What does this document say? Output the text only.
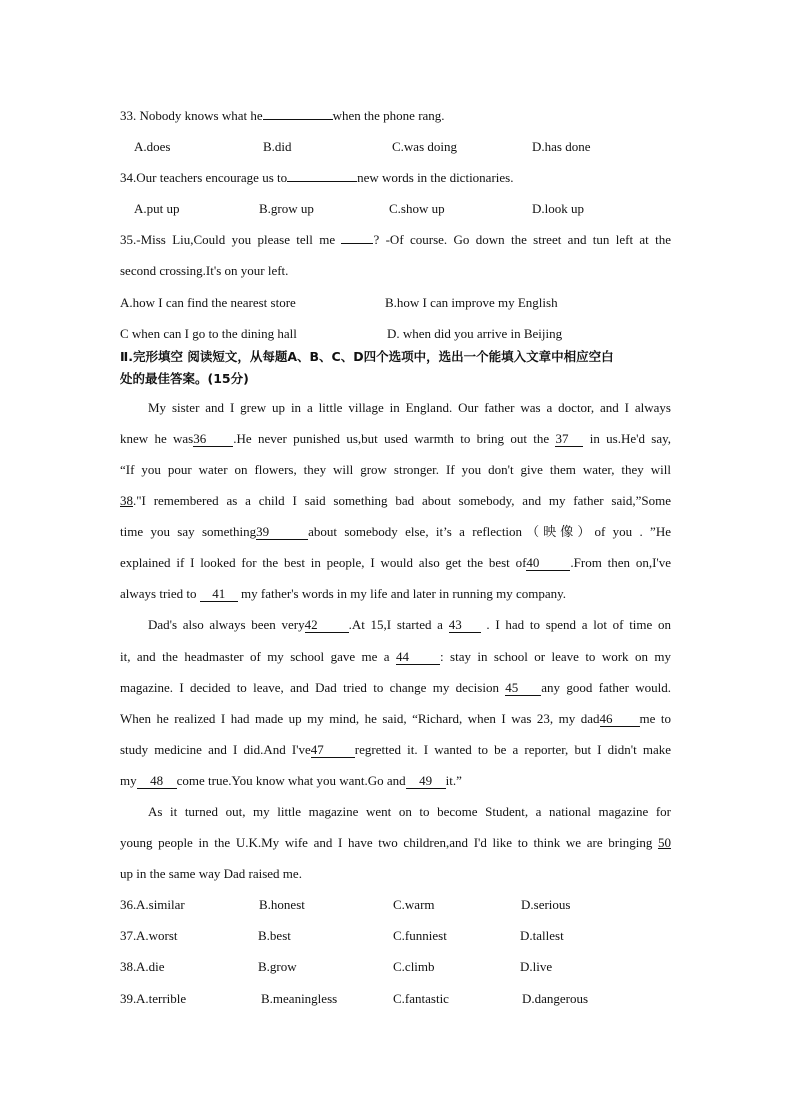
33. Nobody knows what he	when the phone rang.
A.does	B.did	C.was doing	D.has done
34.Our teachers encourage us to	new words in the dictionaries.
A.put up	B.grow up	C.show up	D.look up
35.-Miss Liu,Could you please tell me	? -Of course. Go down the street and tun left at the
second crossing.It's on your left.
A.how I can find the nearest store	B.how I can improve my English
C when can I go to the dining hall	D. when did you arrive in Beijing
Ⅱ.完形填空 阅读短文，从每题A、B、C、D四个选项中，选出一个能填入文章中相应空白
处的最佳答案。(15分)
My sister and I grew up in a little village in England. Our father was a doctor, and I always
knew he was36 .He never punished us,but used warmth to bring out the 37 in us.He'd say,
“If you pour water on flowers, they will grow stronger. If you don't give them water, they will
38."I remembered as a child I said something bad about somebody, and my father said,”Some
time you say something39	about somebody else, it’s a reflection（映像）of you . ”He
explained if I looked for the best in people, I would also get the best of40 .From then on,I've
always tried to 41 my father's words in my life and later in running my company.
Dad's also always been very42 .At 15,I started a 43 . I had to spend a lot of time on
it, and the headmaster of my school gave me a 44 : stay in school or leave to work on my
magazine. I decided to leave, and Dad tried to change my decision 45 any good father would.
When he realized I had made up my mind, he said, “Richard, when I was 23, my dad46 me to
study medicine and I did.And I've47 regretted it. I wanted to be a reporter, but I didn't make
my 48 come true.You know what you want.Go and 49 it.”
As it turned out, my little magazine went on to become Student, a national magazine for
young people in the U.K.My wife and I have two children,and I'd like to think we are bringing 50
up in the same way Dad raised me.
36. A.similar	B.honest	C.warm	D.serious
37. A.worst	B.best	C.funniest	D.tallest
38. A.die	B.grow	C.climb	D.live
39. A.terrible	B.meaningless	C.fantastic	D.dangerous
